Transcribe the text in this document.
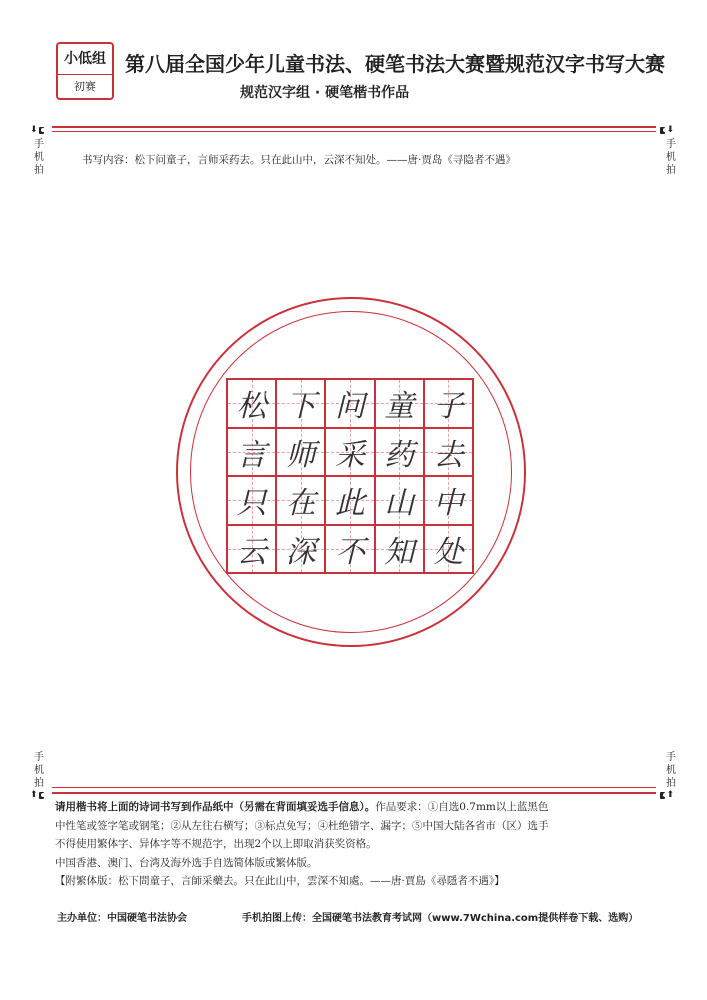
小低组
初赛
第八届全国少年儿童书法、硬笔书法大赛暨规范汉字书写大赛
规范汉字组 · 硬笔楷书作品
⬇
手
机
拍
⬇
手
机
拍
书写内容：松下问童子，言师采药去。只在此山中，云深不知处。——唐·贾岛《寻隐者不遇》
松 下 问 童 子
言 师 采 药 去
只 在 此 山 中
云 深 不 知 处
手
机
拍
⬆
手
机
拍
⬆

请用楷书将上面的诗词书写到作品纸中（另需在背面填妥选手信息）。作品要求：①自选0.7mm以上蓝黑色

中性笔或签字笔或钢笔；②从左往右横写；③标点免写；④杜绝错字、漏字；⑤中国大陆各省市（区）选手

不得使用繁体字、异体字等不规范字，出现2个以上即取消获奖资格。

中国香港、澳门、台湾及海外选手自选简体版或繁体版。

【附繁体版：松下問童子，言師采藥去。只在此山中，雲深不知處。——唐·賈島《尋隱者不遇》】

主办单位：中国硬笔书法协会	手机拍图上传：全国硬笔书法教育考试网（www.7Wchina.com提供样卷下载、选购）
